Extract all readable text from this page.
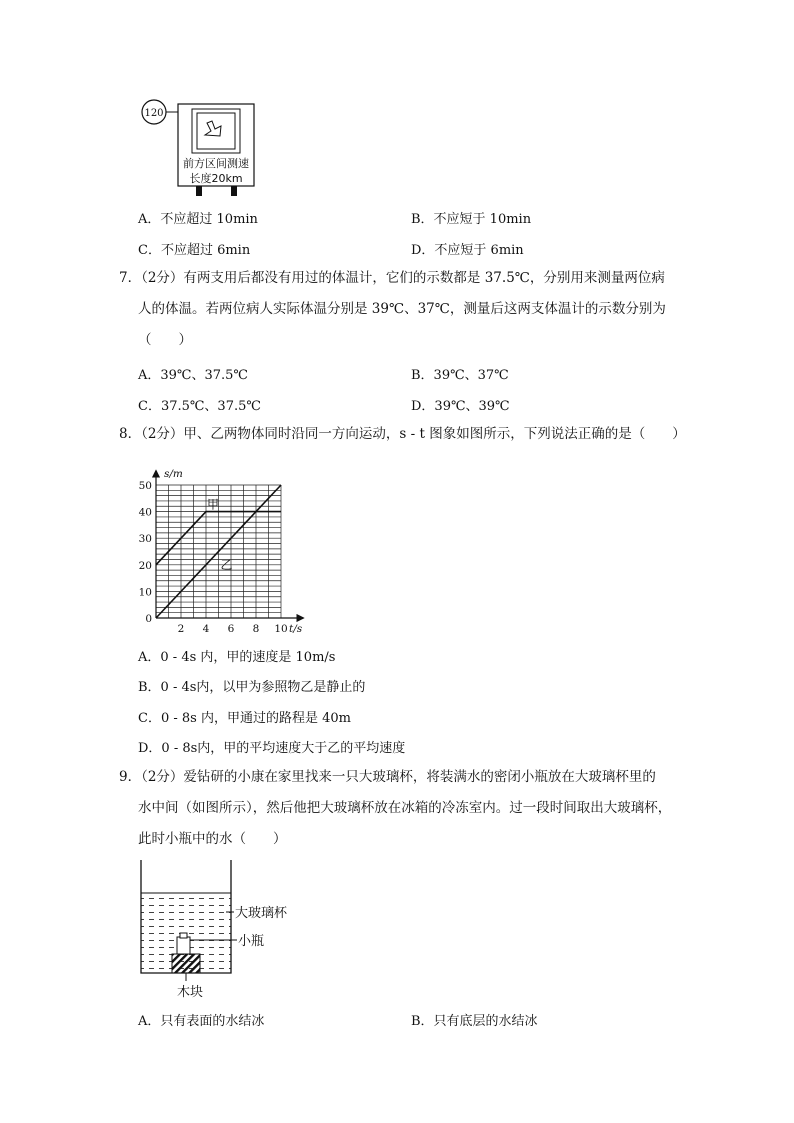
120
前方区间测速
长度20km
A．不应超过 10min	B．不应短于 10min
C．不应超过 6min	D．不应短于 6min
7．（2分）有两支用后都没有用过的体温计，它们的示数都是 37.5℃，分别用来测量两位病
人的体温。若两位病人实际体温分别是 39℃、37℃，测量后这两支体温计的示数分别为
（　　）
A．39℃、37.5℃	B．39℃、37℃
C．37.5℃、37.5℃	D．39℃、39℃
8．（2分）甲、乙两物体同时沿同一方向运动，s - t 图象如图所示，下列说法正确的是（　　）
2 4 6 8 10
10
20
30
40
50
0
t/s
s/m
甲
乙
A．0 - 4s 内，甲的速度是 10m/s
B．0 - 4s内，以甲为参照物乙是静止的
C．0 - 8s 内，甲通过的路程是 40m
D．0 - 8s内，甲的平均速度大于乙的平均速度
9．（2分）爱钻研的小康在家里找来一只大玻璃杯，将装满水的密闭小瓶放在大玻璃杯里的
水中间（如图所示），然后他把大玻璃杯放在冰箱的冷冻室内。过一段时间取出大玻璃杯，
此时小瓶中的水（　　）
大玻璃杯
小瓶
木块
A．只有表面的水结冰	B．只有底层的水结冰
